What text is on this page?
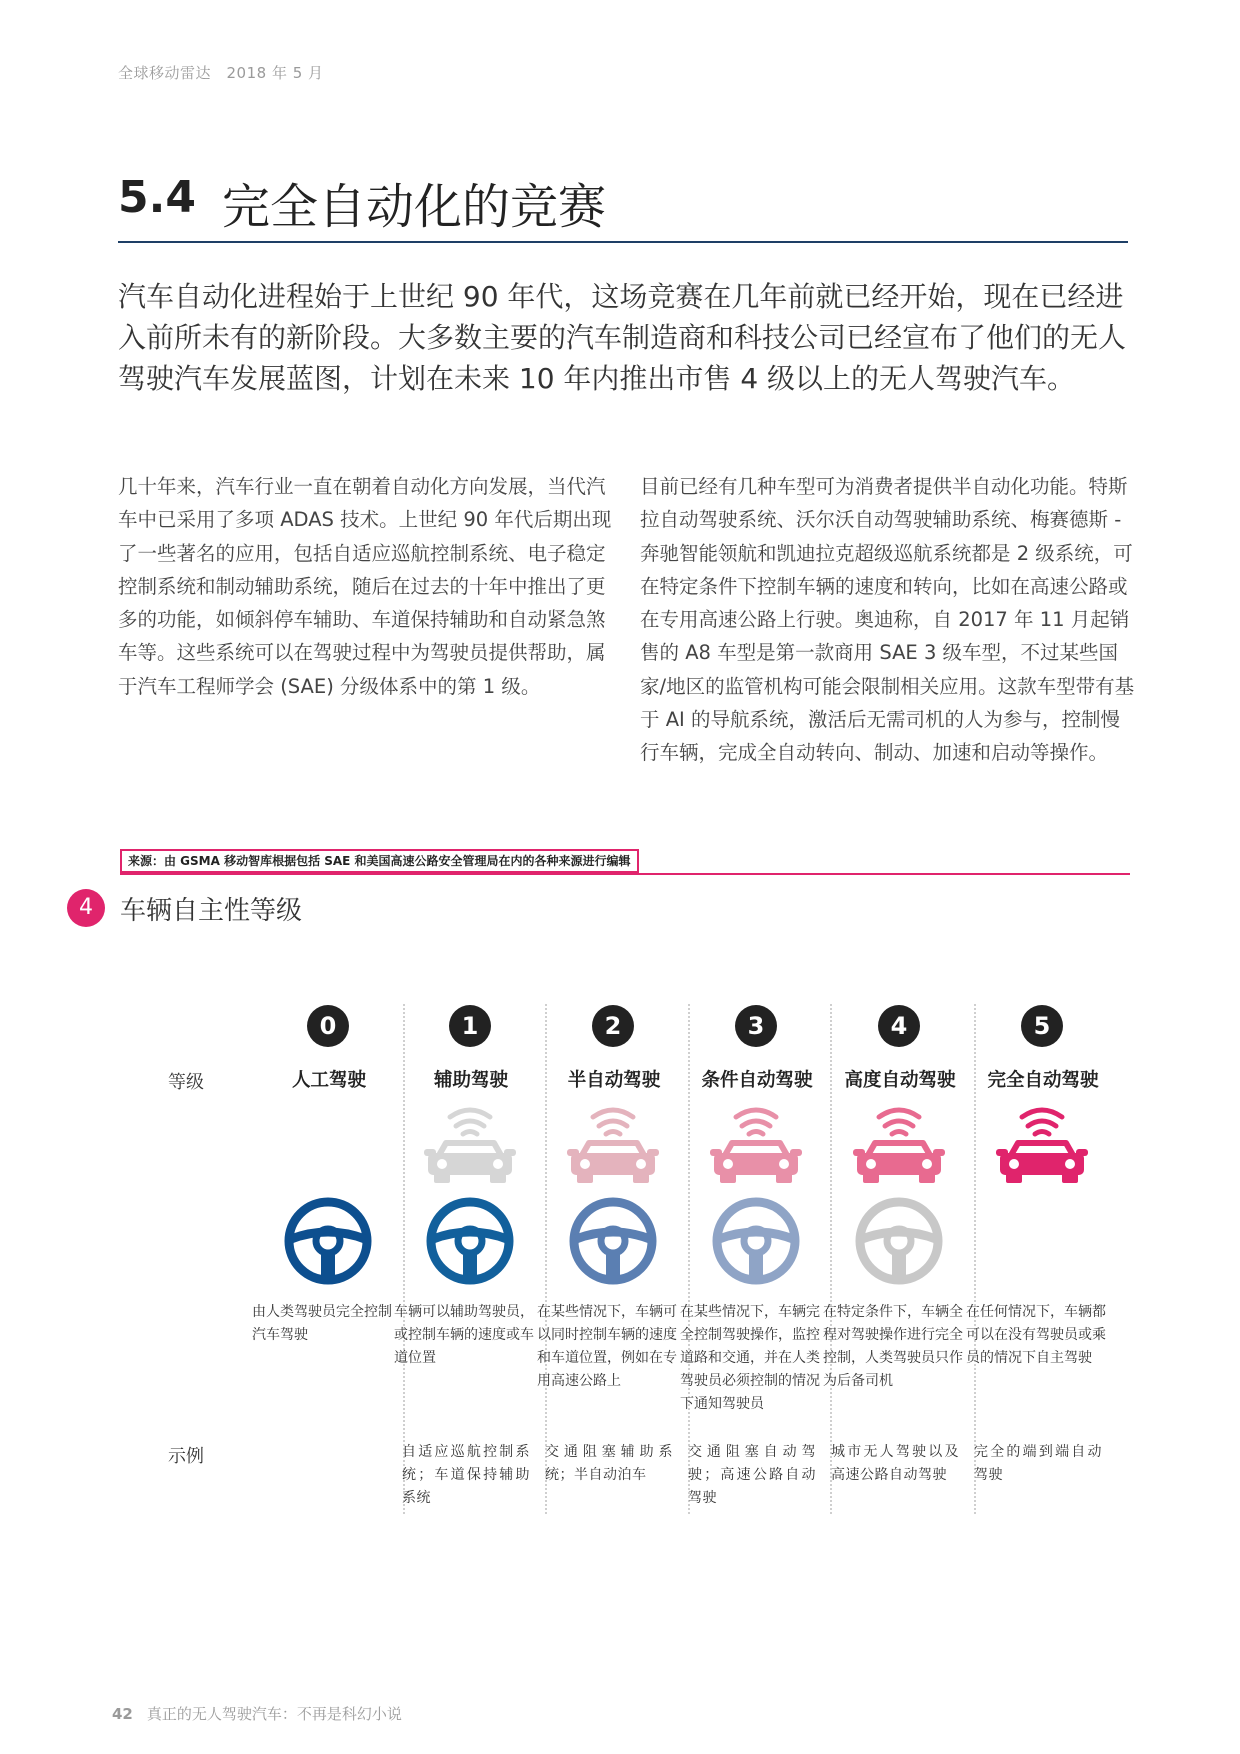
全球移动雷达　2018 年 5 月
5.4 完全自动化的竞赛
汽车自动化进程始于上世纪 90 年代，这场竞赛在几年前就已经开始，现在已经进入前所未有的新阶段。大多数主要的汽车制造商和科技公司已经宣布了他们的无人驾驶汽车发展蓝图，计划在未来 10 年内推出市售 4 级以上的无人驾驶汽车。
几十年来，汽车行业一直在朝着自动化方向发展，当代汽车中已采用了多项 ADAS 技术。上世纪 90 年代后期出现了一些著名的应用，包括自适应巡航控制系统、电子稳定控制系统和制动辅助系统，随后在过去的十年中推出了更多的功能，如倾斜停车辅助、车道保持辅助和自动紧急煞车等。这些系统可以在驾驶过程中为驾驶员提供帮助，属于汽车工程师学会 (SAE) 分级体系中的第 1 级。
目前已经有几种车型可为消费者提供半自动化功能。特斯拉自动驾驶系统、沃尔沃自动驾驶辅助系统、梅赛德斯 - 奔驰智能领航和凯迪拉克超级巡航系统都是 2 级系统，可在特定条件下控制车辆的速度和转向，比如在高速公路或在专用高速公路上行驶。奥迪称，自 2017 年 11 月起销售的 A8 车型是第一款商用 SAE 3 级车型，不过某些国家/地区的监管机构可能会限制相关应用。这款车型带有基于 AI 的导航系统，激活后无需司机的人为参与，控制慢行车辆，完成全自动转向、制动、加速和启动等操作。
来源：由 GSMA 移动智库根据包括 SAE 和美国高速公路安全管理局在内的各种来源进行编辑
4	车辆自主性等级
等级
示例
0
人工驾驶
由人类驾驶员完全控制汽车驾驶
1
辅助驾驶
车辆可以辅助驾驶员，或控制车辆的速度或车道位置
自适应巡航控制系统；车道保持辅助系统
2
半自动驾驶
在某些情况下，车辆可以同时控制车辆的速度和车道位置，例如在专用高速公路上
交通阻塞辅助系统；半自动泊车
3
条件自动驾驶
在某些情况下，车辆完全控制驾驶操作，监控道路和交通，并在人类驾驶员必须控制的情况下通知驾驶员
交通阻塞自动驾驶；高速公路自动驾驶
4
高度自动驾驶
在特定条件下，车辆全程对驾驶操作进行完全控制，人类驾驶员只作为后备司机
城市无人驾驶以及高速公路自动驾驶
5
完全自动驾驶
在任何情况下，车辆都可以在没有驾驶员或乘员的情况下自主驾驶
完全的端到端自动驾驶
42 真正的无人驾驶汽车：不再是科幻小说
